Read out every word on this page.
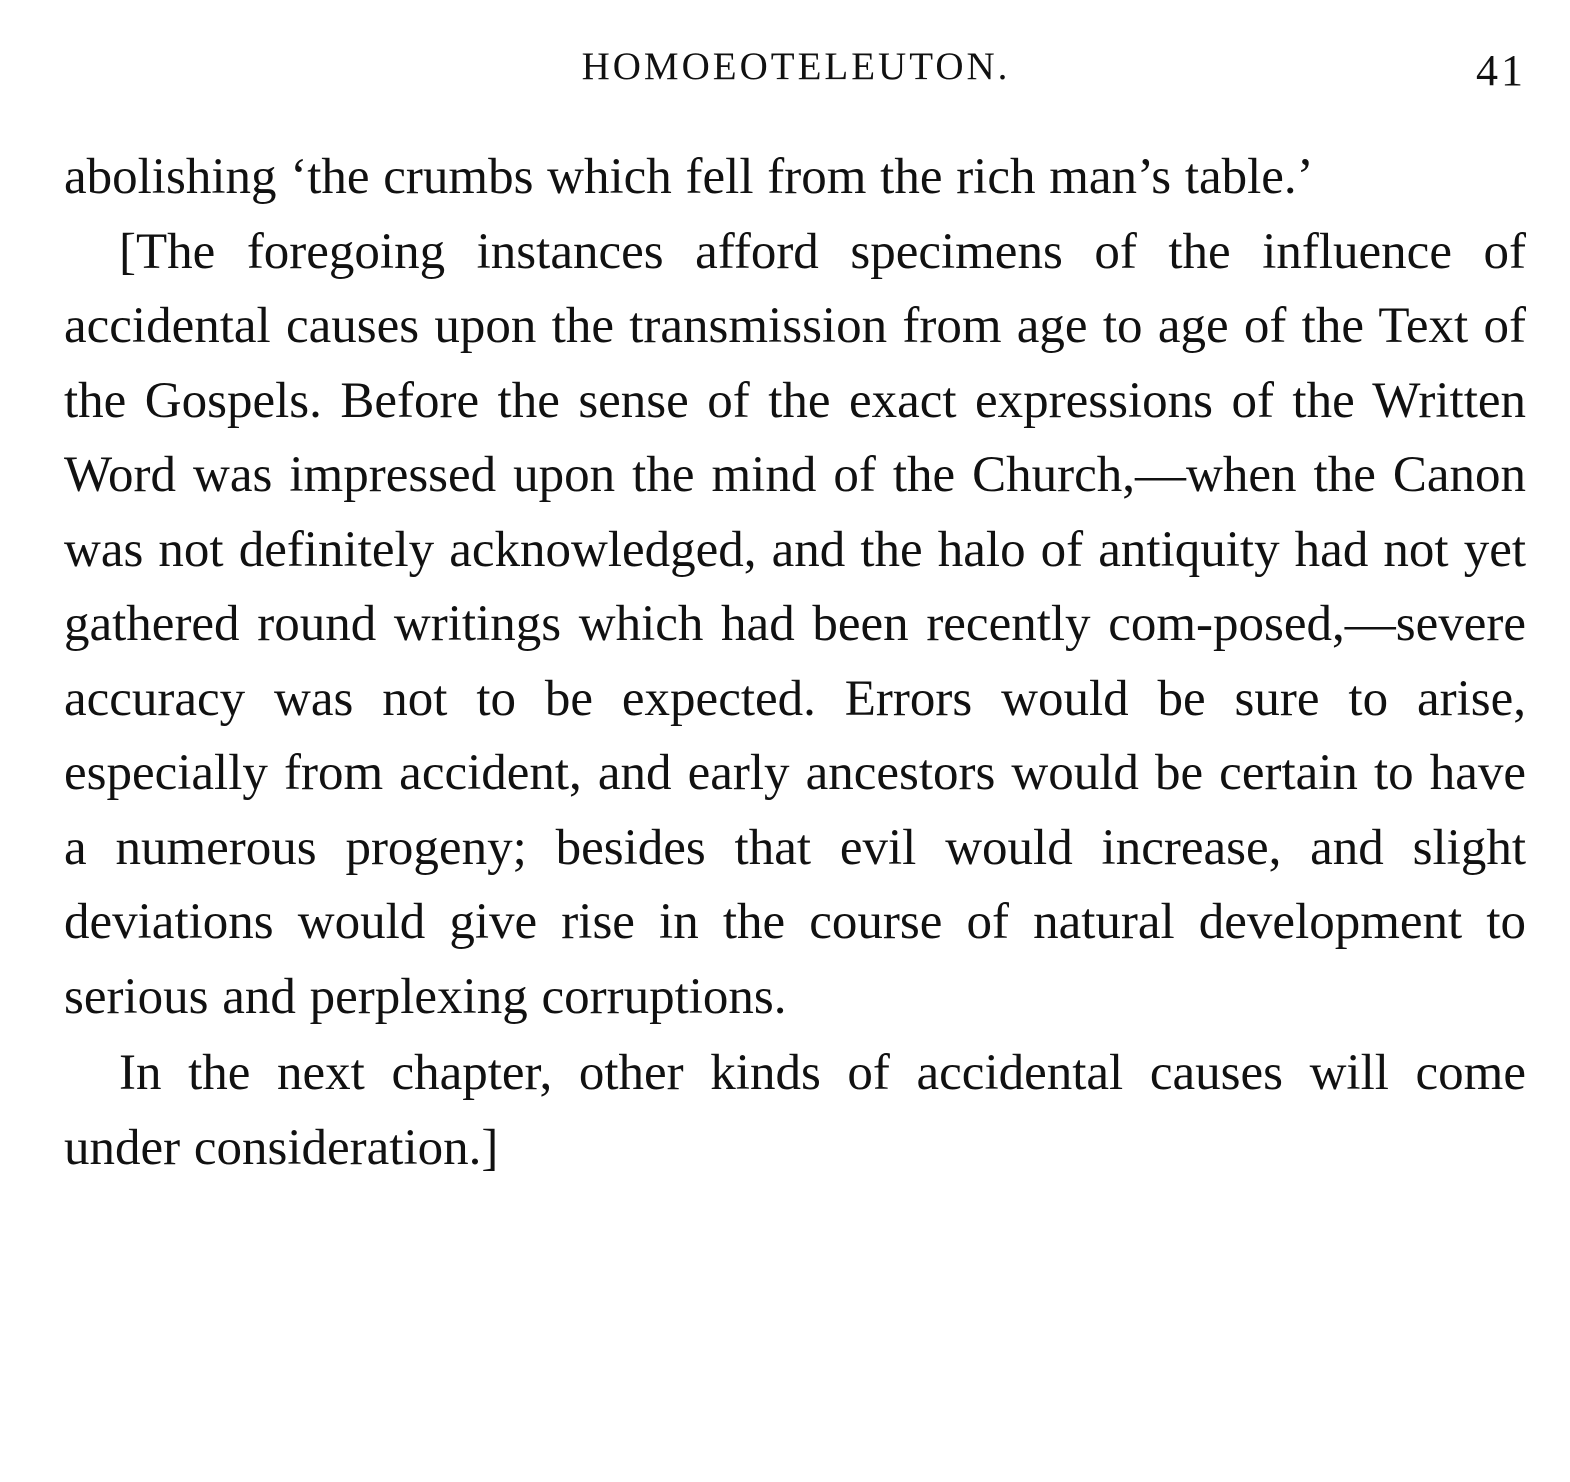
HOMOEOTELEUTON.	41

abolishing ‘the crumbs which fell from the rich man’s table.’

[The foregoing instances afford specimens of the influence of accidental causes upon the transmission from age to age of the Text of the Gospels. Before the sense of the exact expressions of the Written Word was impressed upon the mind of the Church,—when the Canon was not definitely acknowledged, and the halo of antiquity had not yet gathered round writings which had been recently com-posed,—severe accuracy was not to be expected. Errors would be sure to arise, especially from accident, and early ancestors would be certain to have a numerous progeny; besides that evil would increase, and slight deviations would give rise in the course of natural development to serious and perplexing corruptions.

In the next chapter, other kinds of accidental causes will come under consideration.]
